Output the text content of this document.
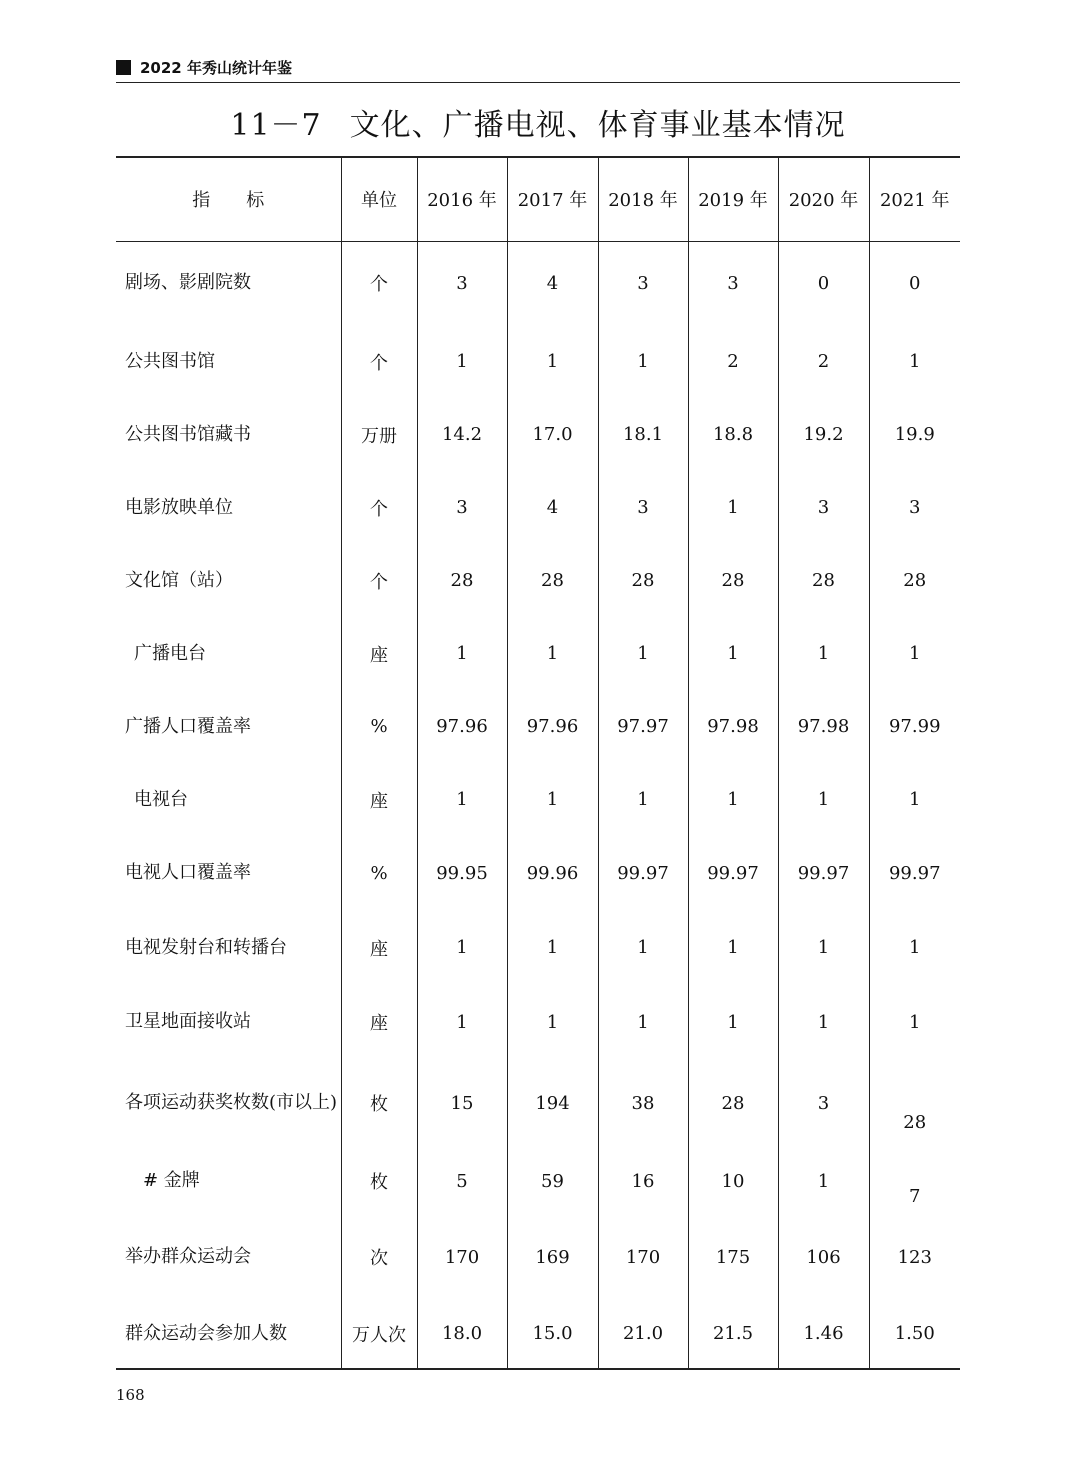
2022 年秀山统计年鉴
11－7 文化、广播电视、体育事业基本情况
指　　标	单位	2016 年	2017 年	2018 年	2019 年	2020 年	2021 年
剧场、影剧院数	个	3	4	3	3	0	0
公共图书馆	个	1	1	1	2	2	1
公共图书馆藏书	万册	14.2	17.0	18.1	18.8	19.2	19.9
电影放映单位	个	3	4	3	1	3	3
文化馆（站）	个	28	28	28	28	28	28
广播电台	座	1	1	1	1	1	1
广播人口覆盖率	%	97.96	97.96	97.97	97.98	97.98	97.99
电视台	座	1	1	1	1	1	1
电视人口覆盖率	%	99.95	99.96	99.97	99.97	99.97	99.97
电视发射台和转播台	座	1	1	1	1	1	1
卫星地面接收站	座	1	1	1	1	1	1
各项运动获奖枚数(市以上)	枚	15	194	38	28	3	28
# 金牌	枚	5	59	16	10	1	7
举办群众运动会	次	170	169	170	175	106	123
群众运动会参加人数	万人次	18.0	15.0	21.0	21.5	1.46	1.50
168
